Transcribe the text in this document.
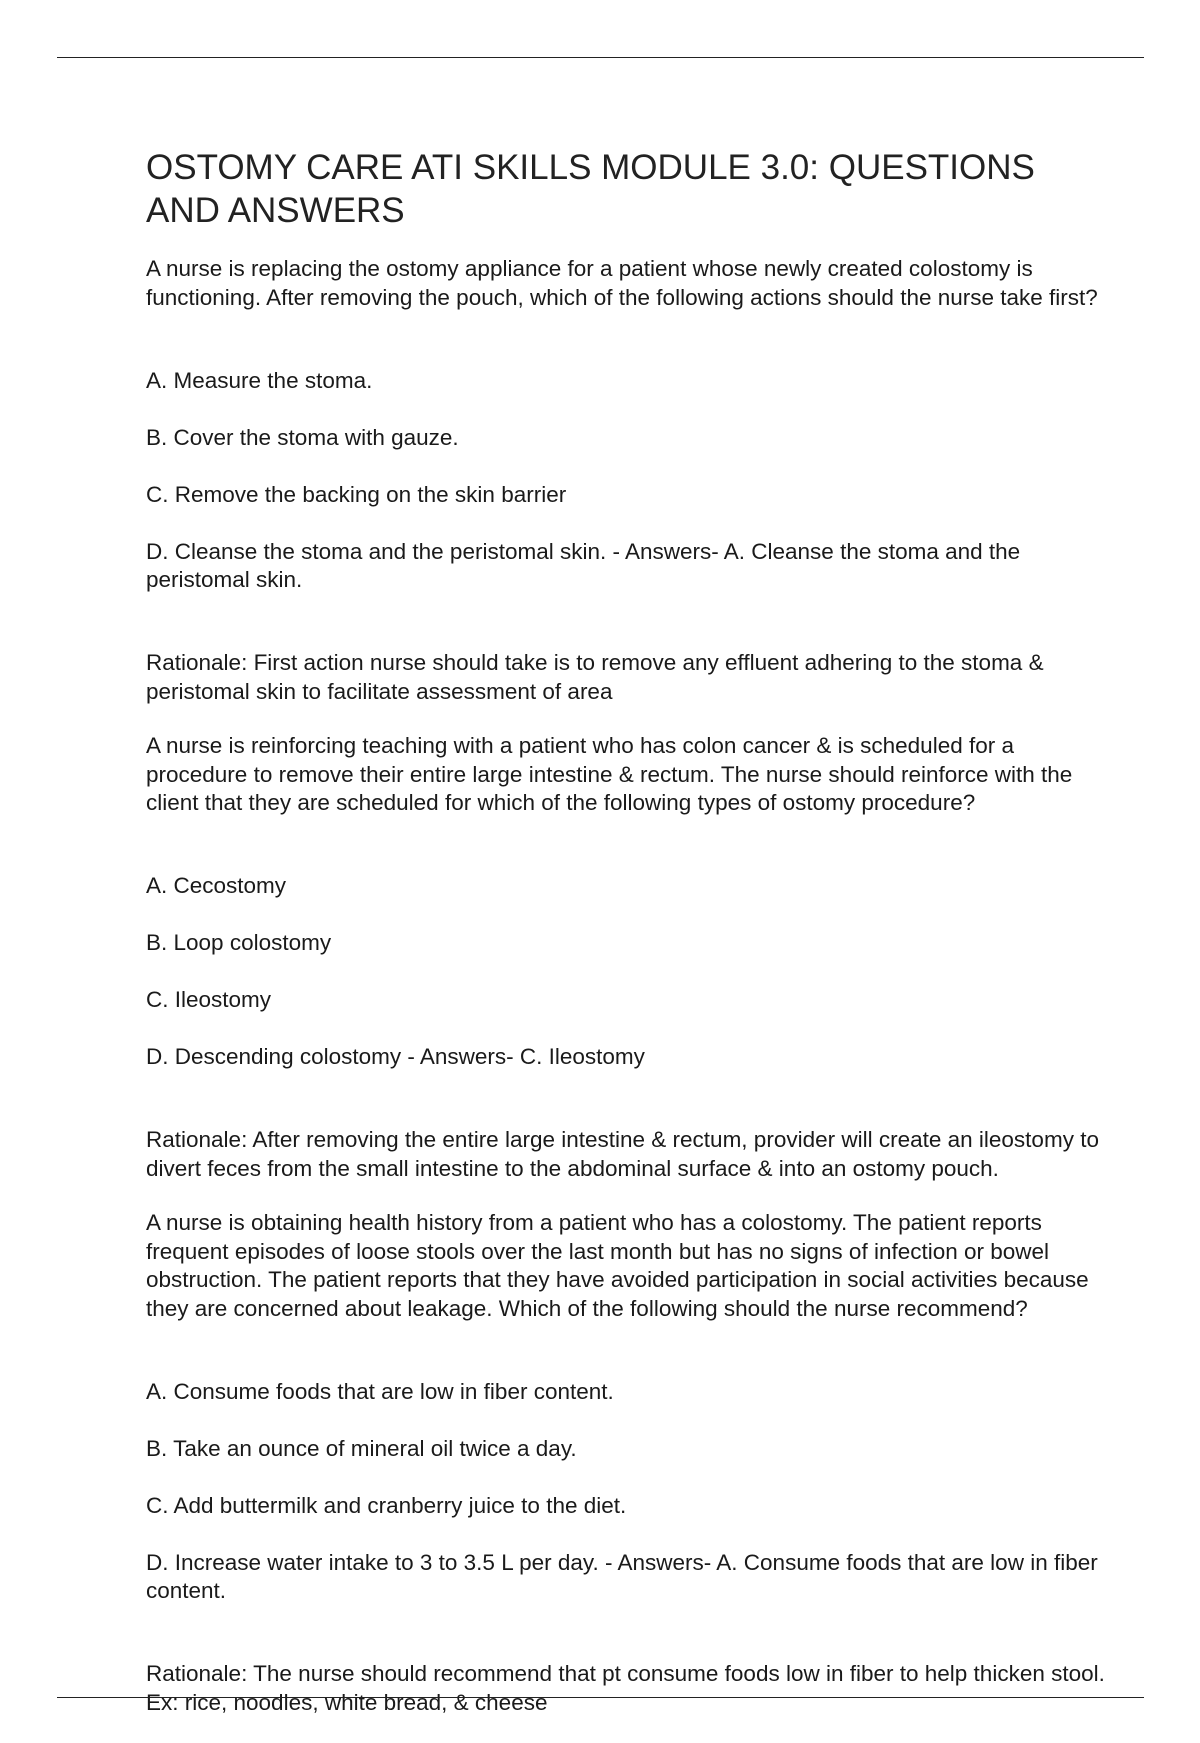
OSTOMY CARE ATI SKILLS MODULE 3.0: QUESTIONS AND ANSWERS

A nurse is replacing the ostomy appliance for a patient whose newly created colostomy is functioning. After removing the pouch, which of the following actions should the nurse take first?

A. Measure the stoma.

B. Cover the stoma with gauze.

C. Remove the backing on the skin barrier

D. Cleanse the stoma and the peristomal skin. - Answers- A. Cleanse the stoma and the peristomal skin.

Rationale: First action nurse should take is to remove any effluent adhering to the stoma & peristomal skin to facilitate assessment of area

A nurse is reinforcing teaching with a patient who has colon cancer & is scheduled for a procedure to remove their entire large intestine & rectum. The nurse should reinforce with the client that they are scheduled for which of the following types of ostomy procedure?

A. Cecostomy

B. Loop colostomy

C. Ileostomy

D. Descending colostomy - Answers- C. Ileostomy

Rationale: After removing the entire large intestine & rectum, provider will create an ileostomy to divert feces from the small intestine to the abdominal surface & into an ostomy pouch.

A nurse is obtaining health history from a patient who has a colostomy. The patient reports frequent episodes of loose stools over the last month but has no signs of infection or bowel obstruction. The patient reports that they have avoided participation in social activities because they are concerned about leakage. Which of the following should the nurse recommend?

A. Consume foods that are low in fiber content.

B. Take an ounce of mineral oil twice a day.

C. Add buttermilk and cranberry juice to the diet.

D. Increase water intake to 3 to 3.5 L per day. - Answers- A. Consume foods that are low in fiber content.

Rationale: The nurse should recommend that pt consume foods low in fiber to help thicken stool.
Ex: rice, noodles, white bread, & cheese
